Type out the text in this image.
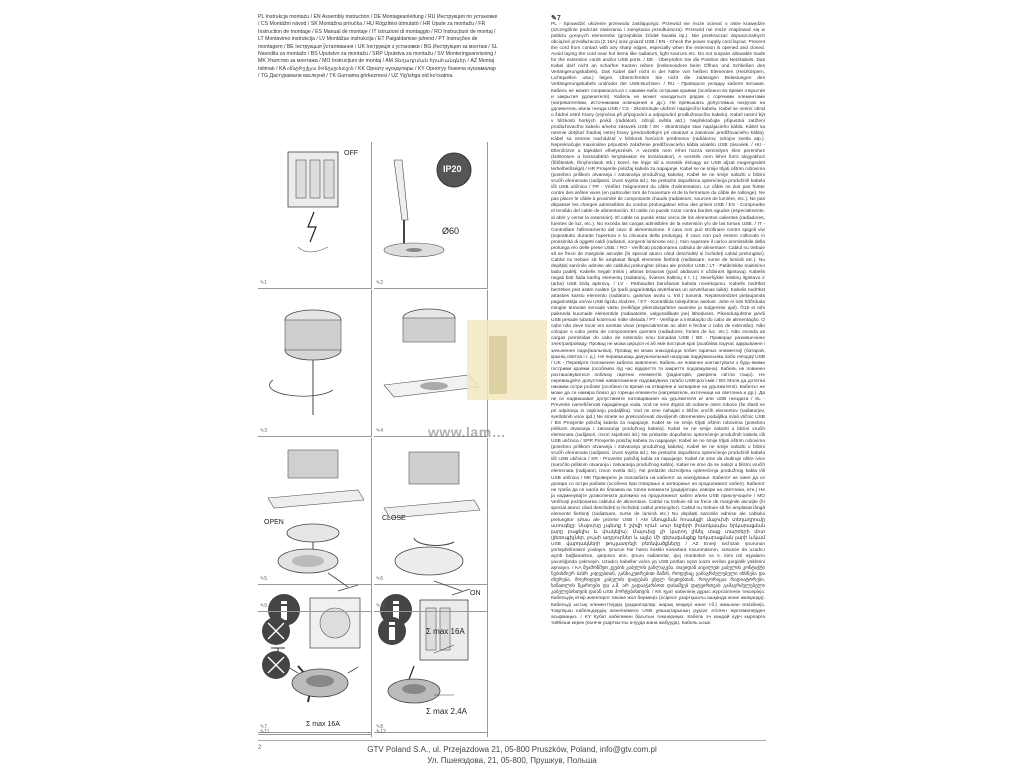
PL Instrukcja montażu / EN Assembly instruction / DE Montageanleitung / RU Инструкция по установке / CS Montážní návod / SK Montážna príručka / HU Rögzítési útmutató / HR Upute za montažu / FR Instruction de montage / ES Manual de montaje / IT Istruzioni di montaggio / RO Instrucțiuni de montaj / LT Montavimo instrukcija / LV Montāžas instrukcija / ET Paigaldamise juhend / PT Instruções de montagem / BE Інструкцыя ўсталявання / UK Інструкція з установки / BG Инструкция за монтаж / SL Navodila za montažo / BS Uputstvo za montažu / SRP Uputstva za montažu / SV Monteringsanvisning / MK Упатство за монтажа / MO Instrucțiuni de montaj / AM Տեղադրման հրահանգներ / AZ Montaj təlimatı / KA ინსტრუქცია მონტაჟისთვის / KK Орнату нұсқаулары / KY Орнотуу боюнча нускамалар / TG Дастурамали васлкунӣ / TK Gurnama görkezmesi / UZ Yig'ishga oid ko'rsatma
OFF
✎1
IP20
Ø60
✎2
✎3	✎4
✎5	✎6
✎7
ON
✎8
OPEN
✎9
CLOSE
✎10
Σ max 16A
✎11
Σ max 16A
Σ max 2,4A
✎12
www.lam…
✎7

PL - Sprawdzić ułożenie przewodu zasilającego. Przewód nie może ocierać o ostre krawędzie (szczególnie podczas otwierania i zamykania przedłużacza). Przewód nie może znajdować się w pobliżu gorących elementów (grzejników źródeł światła itp.). Nie przekraczać dopuszczalnych obciążeń przedłużacza (Σ 16A) oraz gniazd USB / EN - Check the power supply cord layout. Prevent the cord from contact with any sharp edges, especially when the extension is opened and closed. Avoid laying the cord near hot items like radiators, light sources etc. Do not surpass allowable loads for the extension cords and/or USB ports. / DE - Überprüfen Sie die Position des Netzkabels. Das Kabel darf nicht an scharfen Kanten reiben (insbesondere beim Öffnen und Schließen des Verlängerungskabels). Das Kabel darf nicht in der Nähe von heißen Elementen (Heizkörpern, Lichtquellen usw.) liegen. Überschreiten Sie nicht die zulässigen Belastungen des Verlängerungskabels und/oder der USB-Buchsen. / RU - Проверьте укладку кабеля питания. Кабель не может соприкасаться с какими-либо острыми краями (особенно во время открытия и закрытия удлинителя). Кабель не может находиться рядом с горячими элементами (нагревателями, источниками освещения и др.). Не превышать допустимых нагрузок на удлинитель и/или гнезда USB / CS - Zkontrolujte uložení napájecího kabelu. Kabel se nesmí otírat o žádné ostré hrany (zejména při připojování a odpojování prodlužovacího kabelu). Kabel nesmí být v blízkosti horkých prvků (radiátorů, zdrojů světla atd.). Nepřekračujte přípustná zatížení prodlužovacího kabelu a/nebo zásuvek USB / SK - Skontrolujte stav napájacieho kábla. Kábel sa nesmie dotýkať žiadnej ostrej hrany (predovšetkým pri otváraní a zatváraní predlžovacieho kábla). Kábel sa nesmie nachádzať v blízkosti horúcich predmetov (radiátorov, zdrojov svetla atp.). Neprekračujte maximálne prípustné zaťaženie predlžovacieho kábla a/alebo USB zásuviek. / HU - Ellenőrizze a tápkábel elhelyezését. A vezeték nem érhet hozzá semmilyen éles peremhez (különösen a hosszabbító lenyitásakor és lezárásakor). A vezeték nem lehet forró tárgyakhoz (fűtőtestek, fényforrások stb.) közel. Ne lépje túl a vezeték és/vagy az USB aljzat megengedett terhelhetőségét / HR Provjerite položaj kabela za napajanje. Kabel se ne smije trljati oštrim rubovima (posebno prilikom otvaranja i zatvaranja produžnog kabela). Kabel se ne smije nalaziti u blizini vrućih elemenata (radijatori, izvori svjetla itd.). Ne prelazite dopuštena opterećenja produžnih kabela i/ili USB utičnica / FR - Vérifiez l'alignement du câble d'alimentation. Le câble ne doit pas frotter contre des arêtes vives (en particulier lors de l'ouverture et de la fermeture du câble de rallonge). Ne pas placer le câble à proximité de composants chauds (radiateurs, sources de lumière, etc.). Ne pas dépasser les charges admissibles du cordon prolongateur et/ou des prises USB / ES - Compruebe el tendido del cable de alimentación. El cable no puede rozar contra bordes agudos (especialmente, al abrir y cerrar la extensión). El cable no puede estar cerca de los elementos calientes (radiadores, fuentes de luz, etc.). No exceda las cargas admisibles de la extensión y/o de las tomas USB. / IT - Controllare l'allineamento del cavo di alimentazione. Il cavo non può strofinare contro spigoli vivi (soprattutto durante l'apertura e la chiusura della prolunga). Il cavo non può essere collocato in prossimità di oggetti caldi (radiatori, sorgenti luminose ecc.). Non superare il carico ammissibile della prolunga e/o delle prese USB. / RO - Verificați poziționarea cablului de alimentare. Cablul nu trebuie să se frece de marginile ascuțite (în special atunci când deschideți și închideți cablul prelungitor). Cablul nu trebuie să fie amplasat lângă elemente fierbinți (radiatoare, surse de lumină etc.). Nu depășiți sarcinile admise ale cablului prelungitor și/sau ale prizelor USB / LT - Patikrinkite maitinimo laido padėtį. Kabelis negali trintis į aštrias briaunas (ypač atidarant ir uždarant ilgintuvą). Kabelis negali būti šalia karštų elementų (radiatorių, šviesos šaltinių ir t. t.). Neviršykite leistinų ilgintuvo ir (arba) USB lizdų apkrovų. / LV - Pārbaudiet barošanas kabeļa novietojumu. Kabelis nedrīkst berzēties pret asām malām (jo īpaši pagarinātāja atvēršanas un aizvēršanas laikā). Kabelis nedrīkst atrasties karstu elementu (radiatoru, gaismas avotu u. tml.) tuvumā. Nepārsniedziet pieļaujamās pagarinātāja un/vai USB ligzdu slodzes. / ET - Kontrollida toitejuhtme asetust. Juhe ei tohi hõõrduda mingite teravate servade vastu (eelkõige pikendusjuhtme avamise ja sulgemise ajal). Ö15 ei tohi paikneda kuumade elementide (radiaatorite, valgusallikate jne) läheduses. Pikendusjuhtme ja/või USB pesade lubatud koormusi mitte ületada / PT - Verifique a instalação do cabo de alimentação. O cabo não deve tocar em arestas vivas (especialmente ao abrir e fechar o cabo de extensão). Não coloque o cabo perto de componentes quentes (radiadores, fontes de luz, etc.). Não exceda as cargas permitidas do cabo de extensão e/ou tomadas USB / BE - Праверце размяшчэнне электрапроваду. Провад не можа церціся ні аб якія вострыя краі (асабліва падчас адкрывання і зачынення падаўжальніка). Провад не можа знаходзіцца побач гарачых элементаў (батарэй, крыніц святла і г. д.). Не перавышаць дапушчальный нагрузак падаўжальніка і/або гнёздаў USB / UK - Перевірте положення кабелю живлення. Кабель не повинен контактувати з будь-якими гострими краями (особливо під час відкриття та закриття подовжувача). Кабель не повинен розташовуватися поблизу гарячих елементів (радіаторів, джерела світла тощо). Не перевищуйте допустимі навантаження подовжувача та/або USB-розʼємів / BG Моля да дотегна никакви остри ръбове (особено по време на отваряне и затваряне на удължителя). Кабелът не може да се намира близо до горещи елементи (нагреватели, източници на светлина и др.). Да не се надвишават допустимите натоварвания на удължителя и/ или USB гнездата / SL - Preverite nameščenost napajalnega voda. Vod ne sme drgniti ob nobene ostre robove (še zlasti ne pri odpiranju in zapiranju podaljška). Vod ne sme nahajati v bližini vročih elementov (radiatorjev, svetlobnih virov ipd.) Ne smete se prekoračevati dovoljenih obremenitev podaljška in/ali vtičnic USB / BS Provjerite položaj kabela za napajanje. Kabel se ne smije trljati oštrim rubovima (posebno prilikom otvaranja i zatvaranja produžnog kabela). Kabel se ne smije nalaziti u blizini vrućih elemenata (radijatori, izvori svjetlosti itd.) Ne prelazite dopuštene opterećenje produžnih kabela i/ili USB utičnica / SPR Provjerite položaj kabela za napajanje. Kabel se ne smije trljati oštrim rubovima (posebno prilikom otvaranja i zatvaranja produžnog kabela). Kabel se ne smije nalaziti u blizini vrućih elemenata (radijatori, izvori svjetla itd.). Ne prelazite dopušteno opterećenje produžnih kabela i/ili USB utičnica / SR - Proverite položaj kabla za napajanje. Kabel ne sme da dodiruje oštre ivice (naročito prilikom otvaranja i zatvaranja produžnog kabla). Kabel ne sme da se nalazi u blizini vrućih elemenata (radijatori, izvori svetla itd.). Ne prelazite dozvoljena opterećenja produžnog kabla i/ili USB utičnica / MK Проверете ја положбата на кабелот за напојување. Кабелот не смее да се допира со остри рабови (особено при отворање и затворање на продолжниот кабел). Кабелот не треба да се наоѓа во близина на топли елементи (радијатори, извори на светлина, итн.) Не ја надминувајте дозволената должина на продолжниот кабел и/или USB приклучоците / MO Verificați poziționarea cablului de alimentare. Cablul nu trebuie să se frece de marginile ascuțite (în special atunci când deschideți și închideți cablul prelungitor). Cablul nu trebuie să fie amplasat lângă elemente fierbinți (radiatoare, surse de lumină etc.) Nu depășiți sarcinile admise ale cablului prelungitor și/sau ale prizelor USB / AM Սնուցման հոսանքի մալուխի տեղադրումը ստուգելը: Մալուխը չպետք է շփվի որևէ սուր եզրերի (հատկապես երկարացման լարը բացելիս և փակելիս): Մալուխը չի կարող լինել տաք տարրերի մոտ (ջեռուցիչներ, լույսի աղբյուրներ և այլն) Մի գերազանցեք երկարացման լարի և/կամ USB վարդակների թույլատրելի բեռնվածքները / AZ Enerji təchizatı şnurunun yerləşdirilməsini yoxlayın. Şnurun hər hansı kəskin kənarlara toxunmasının, xüsusən də uzadıcı açılıb bağlanarkən, qarşısını alın. Şnuru radiatorlar, işıq mənbələri və s. kimi isti əşyaların yaxınlığında çəkməyin. Uzadıcı kabellər və/və ya USB portları üçün icazə verilən gərginlik yüklərini aşmayın. / KA შეამოწმეთ კვების კაბელის განლაგება. თავიდან აიცილეთ კაბელის კონტაქტი ნებისმიერ ბასრ კიდეებთან, განსაკუთრებით მაშინ, როდესაც გამაგრძელებელი იხსნება და იხურება. მოერიდეთ კაბელის დადებას ცხელ ნივთებთან, როგორიცაა რადიატორები, სინათლის წყაროები და ა.შ. არ გადააჭარბოთ დასაშვებ დატვირთვას გამაგრძელებელი კაბელებისთვის და/ან USB პორტებისთვის. / KK Қуат кабелінің дұрыс жүргізілгенін тексеріңіз. Кабельдің өткір жиектерге тиюіне жол бермеңіз (әсіресе ұзартқышты ашқанда және жапқанда). Кабельді ыстық элементтердің (радиаторлар, жарық көздері және т.б.) жанынан өткізбеңіз. Ұзартқыш кабельдердің және/немесе USB ұяшықтарының рұқсат етілген жүктемелерден асырмаңыз. / KY Кубат кабелинин багытын текшериңиз. Кабель эч кандай курч кырларга тийбеши керек (өзгөчө узарткычты ачууда жана жабууда). Кабель ысык

2	GTV Poland S.A., ul. Przejazdowa 21, 05-800 Pruszków, Poland, info@gtv.com.pl
Ул. Пшеяздова, 21, 05-800, Прушкув, Польша
